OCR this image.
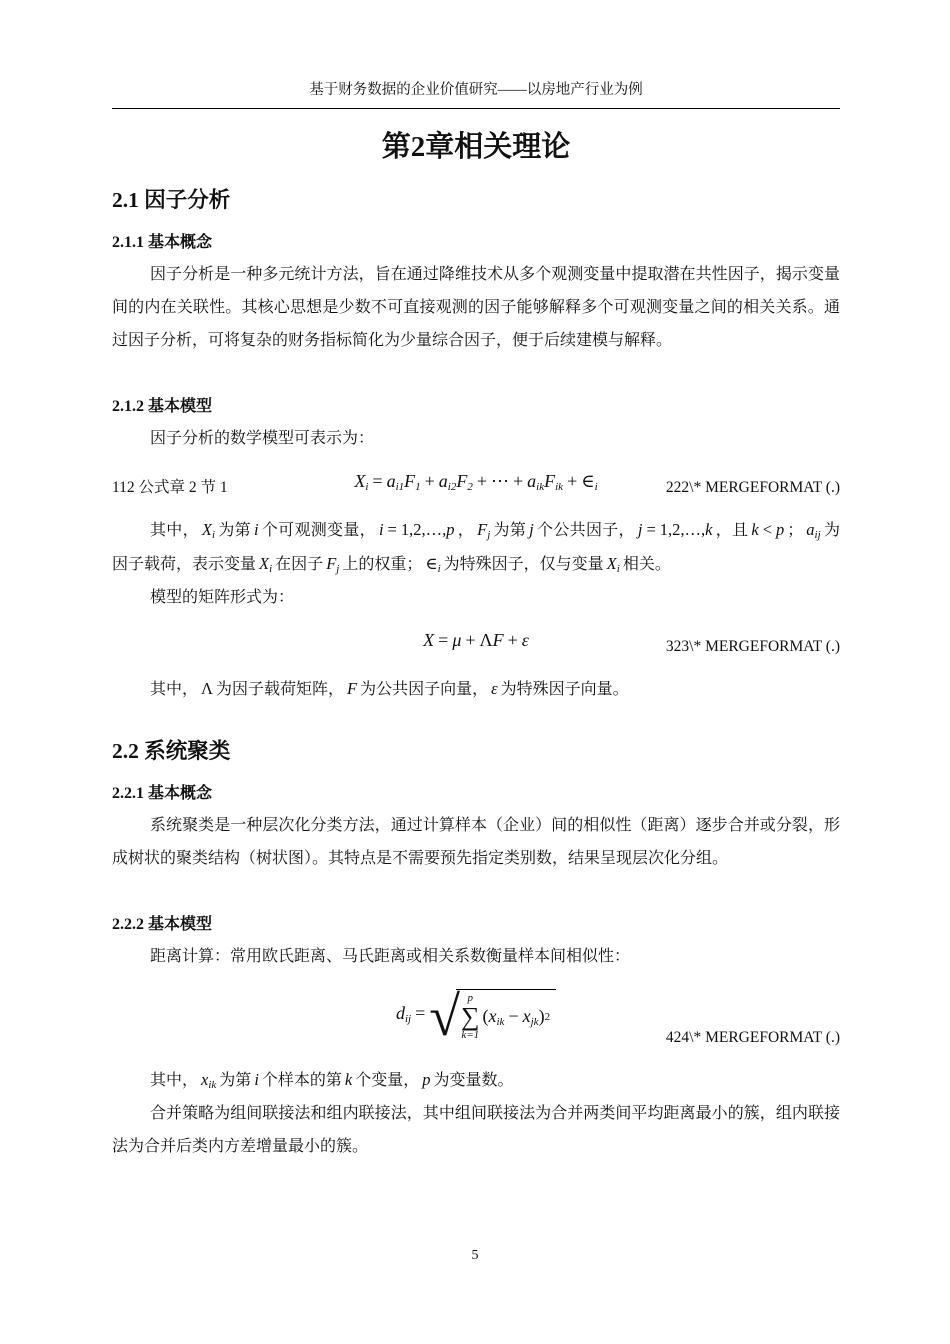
基于财务数据的企业价值研究——以房地产行业为例
第2章相关理论
2.1 因子分析
2.1.1 基本概念

因子分析是一种多元统计方法，旨在通过降维技术从多个观测变量中提取潜在共性因子，揭示变量间的内在关联性。其核心思想是少数不可直接观测的因子能够解释多个可观测变量之间的相关关系。通过因子分析，可将复杂的财务指标简化为少量综合因子，便于后续建模与解释。

2.1.2 基本模型

因子分析的数学模型可表示为：

112 公式章 2 节 1	$X_i = a_{i1}F_1 + a_{i2}F_2$ + ⋯ + $a_{ik}F_{ik}$ + $\in_i$	222\* MERGEFORMAT (.)

其中， $X_i$ 为第 i 个可观测变量， i = 1,2,…,p ， $F_j$ 为第 j 个公共因子， j = 1,2,…,k ，且 k < p ； $a_{ij}$ 为因子载荷，表示变量 $X_i$ 在因子 $F_j$ 上的权重； $\in_i$ 为特殊因子，仅与变量 $X_i$ 相关。

模型的矩阵形式为：

X = μ + ΛF + ε	323\* MERGEFORMAT (.)

其中， Λ 为因子载荷矩阵， F 为公共因子向量， ε 为特殊因子向量。

2.2 系统聚类
2.2.1 基本概念

系统聚类是一种层次化分类方法，通过计算样本（企业）间的相似性（距离）逐步合并或分裂，形成树状的聚类结构（树状图）。其特点是不需要预先指定类别数，结果呈现层次化分组。

2.2.2 基本模型

距离计算：常用欧氏距离、马氏距离或相关系数衡量样本间相似性：

$d_{ij}$ = √ p
∑
k=1
( $x_{ik} - x_{jk}$ ) 2
424\* MERGEFORMAT (.)

其中， $x_{ik}$ 为第 i 个样本的第 k 个变量， p 为变量数。

合并策略为组间联接法和组内联接法，其中组间联接法为合并两类间平均距离最小的簇，组内联接法为合并后类内方差增量最小的簇。

5
